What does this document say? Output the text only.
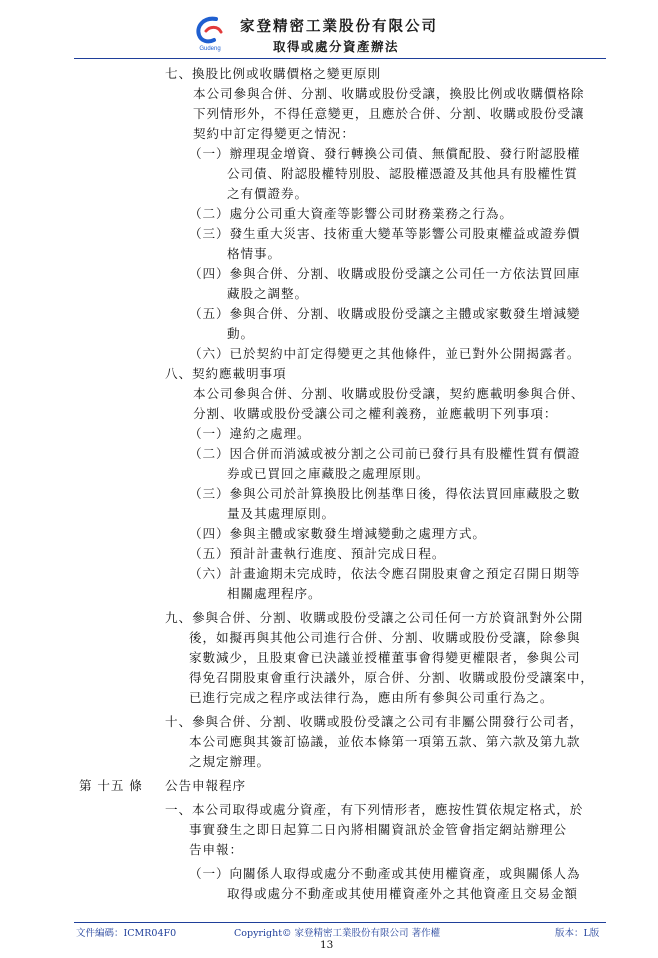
Gudeng
家登精密工業股份有限公司
取得或處分資產辦法
七、換股比例或收購價格之變更原則
本公司參與合併、分割、收購或股份受讓，換股比例或收購價格除
下列情形外，不得任意變更，且應於合併、分割、收購或股份受讓
契約中訂定得變更之情況：
（一）辦理現金增資、發行轉換公司債、無償配股、發行附認股權
公司債、附認股權特別股、認股權憑證及其他具有股權性質
之有價證券。
（二）處分公司重大資產等影響公司財務業務之行為。
（三）發生重大災害、技術重大變革等影響公司股東權益或證券價
格情事。
（四）參與合併、分割、收購或股份受讓之公司任一方依法買回庫
藏股之調整。
（五）參與合併、分割、收購或股份受讓之主體或家數發生增減變
動。
（六）已於契約中訂定得變更之其他條件，並已對外公開揭露者。
八、契約應載明事項
本公司參與合併、分割、收購或股份受讓，契約應載明參與合併、
分割、收購或股份受讓公司之權利義務，並應載明下列事項：
（一）違約之處理。
（二）因合併而消滅或被分割之公司前已發行具有股權性質有價證
券或已買回之庫藏股之處理原則。
（三）參與公司於計算換股比例基準日後，得依法買回庫藏股之數
量及其處理原則。
（四）參與主體或家數發生增減變動之處理方式。
（五）預計計畫執行進度、預計完成日程。
（六）計畫逾期未完成時，依法令應召開股東會之預定召開日期等
相關處理程序。
九、參與合併、分割、收購或股份受讓之公司任何一方於資訊對外公開
後，如擬再與其他公司進行合併、分割、收購或股份受讓，除參與
家數減少，且股東會已決議並授權董事會得變更權限者，參與公司
得免召開股東會重行決議外，原合併、分割、收購或股份受讓案中，
已進行完成之程序或法律行為，應由所有參與公司重行為之。
十、參與合併、分割、收購或股份受讓之公司有非屬公開發行公司者，
本公司應與其簽訂協議，並依本條第一項第五款、第六款及第九款
之規定辦理。
第 十五 條 公告申報程序
一、本公司取得或處分資產，有下列情形者，應按性質依規定格式，於
事實發生之即日起算二日內將相關資訊於金管會指定網站辦理公
告申報：
（一）向關係人取得或處分不動產或其使用權資產，或與關係人為
取得或處分不動產或其使用權資產外之其他資產且交易金額
文件編碼：ICMR04F0	Copyright© 家登精密工業股份有限公司 著作權	版本：L版
13
